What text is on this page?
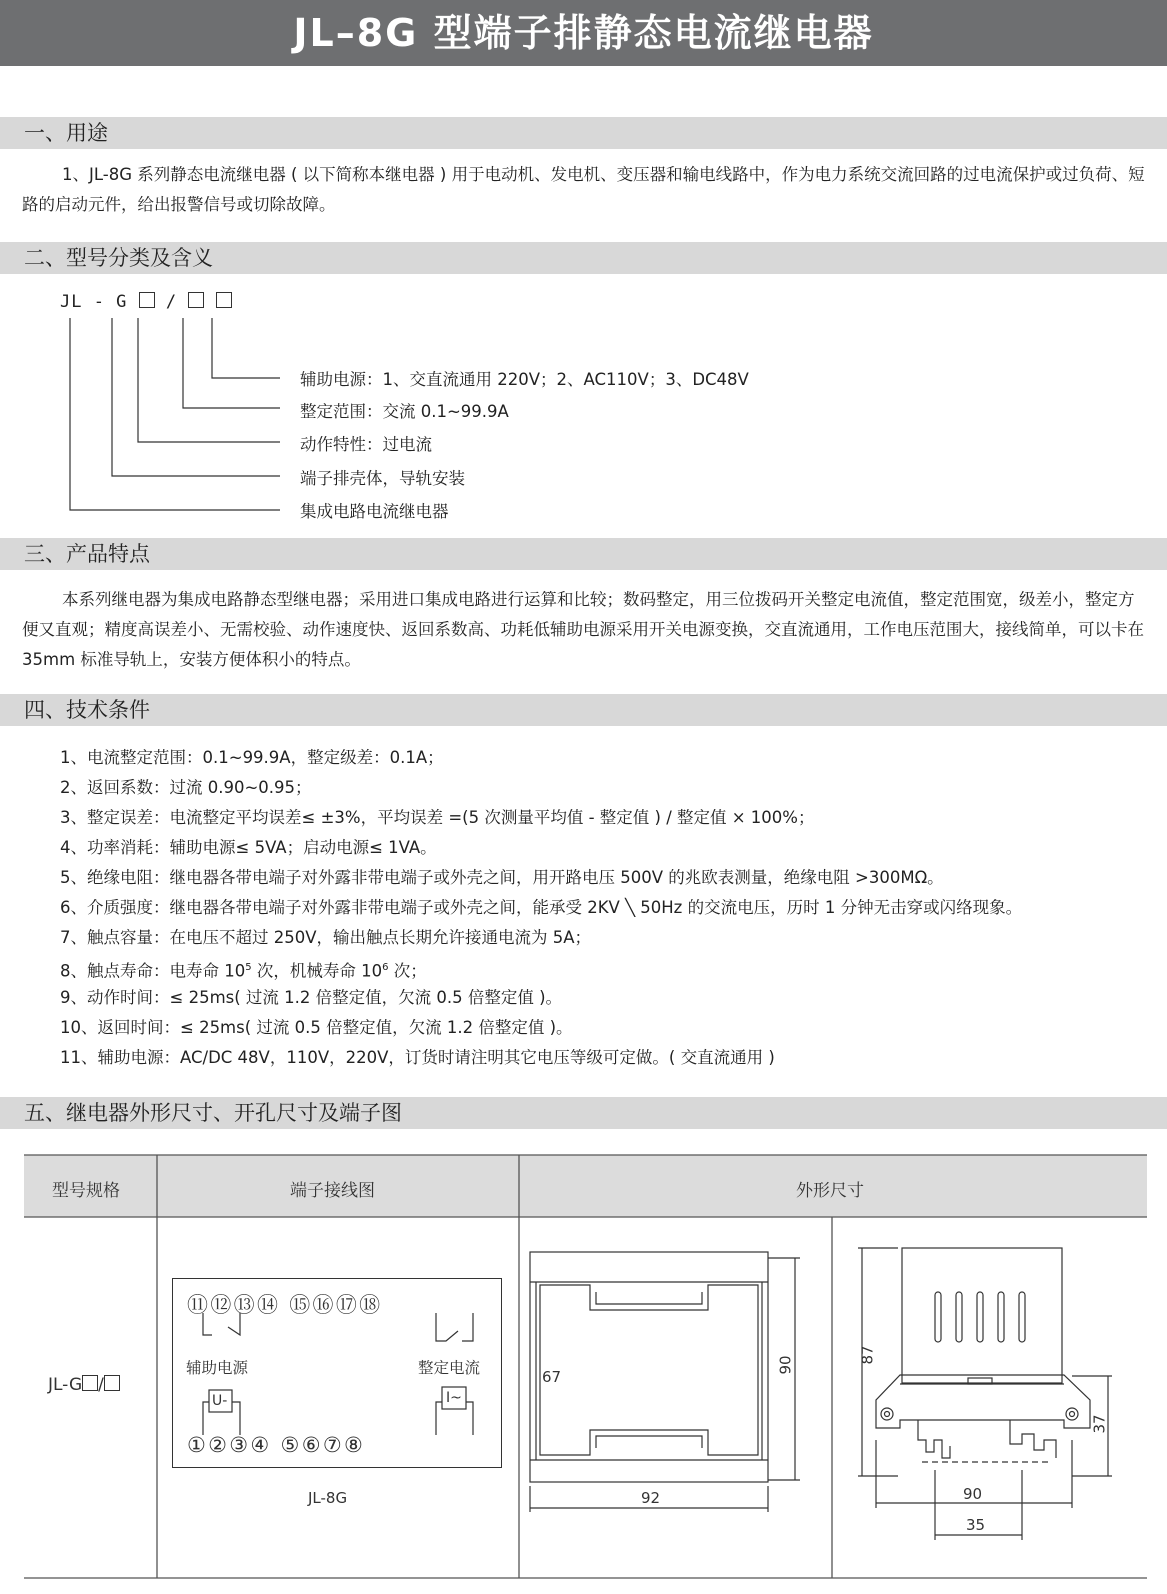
JL–8G 型端子排静态电流继电器
一、用途
1、JL-8G 系列静态电流继电器 ( 以下简称本继电器 ) 用于电动机、发电机、变压器和输电线路中，作为电力系统交流回路的过电流保护或过负荷、短路的启动元件，给出报警信号或切除故障。
二、型号分类及含义
JL - G /
辅助电源：1、交直流通用 220V；2、AC110V；3、DC48V
整定范围：交流 0.1~99.9A
动作特性：过电流
端子排壳体，导轨安装
集成电路电流继电器
三、产品特点
本系列继电器为集成电路静态型继电器；采用进口集成电路进行运算和比较；数码整定，用三位拨码开关整定电流值，整定范围宽，级差小，整定方便又直观；精度高误差小、无需校验、动作速度快、返回系数高、功耗低辅助电源采用开关电源变换，交直流通用，工作电压范围大，接线简单，可以卡在 35mm 标准导轨上，安装方便体积小的特点。
四、技术条件
1、电流整定范围：0.1~99.9A，整定级差：0.1A；
2、返回系数：过流 0.90~0.95；
3、整定误差：电流整定平均误差≤ ±3%，平均误差 =(5 次测量平均值 - 整定值 ) / 整定值 × 100%；
4、功率消耗：辅助电源≤ 5VA；启动电源≤ 1VA。
5、绝缘电阻：继电器各带电端子对外露非带电端子或外壳之间，用开路电压 500V 的兆欧表测量，绝缘电阻 >300MΩ。
6、介质强度：继电器各带电端子对外露非带电端子或外壳之间，能承受 2KV ╲ 50Hz 的交流电压，历时 1 分钟无击穿或闪络现象。
7、触点容量：在电压不超过 250V，输出触点长期允许接通电流为 5A；
8、触点寿命：电寿命 $10^5$ 次，机械寿命 $10^6$ 次；
9、动作时间：≤ 25ms( 过流 1.2 倍整定值，欠流 0.5 倍整定值 )。
10、返回时间：≤ 25ms( 过流 0.5 倍整定值，欠流 1.2 倍整定值 )。
11、辅助电源：AC/DC 48V，110V，220V，订货时请注明其它电压等级可定做。( 交直流通用 )
五、继电器外形尺寸、开孔尺寸及端子图
型号规格	端子接线图	外形尺寸
JL-G /
⑪⑫⑬⑭ ⑮⑯⑰⑱
①②③④ ⑤⑥⑦⑧
辅助电源	整定电流
U-	I~
JL-8G
67
90
92
87
37
90
35
